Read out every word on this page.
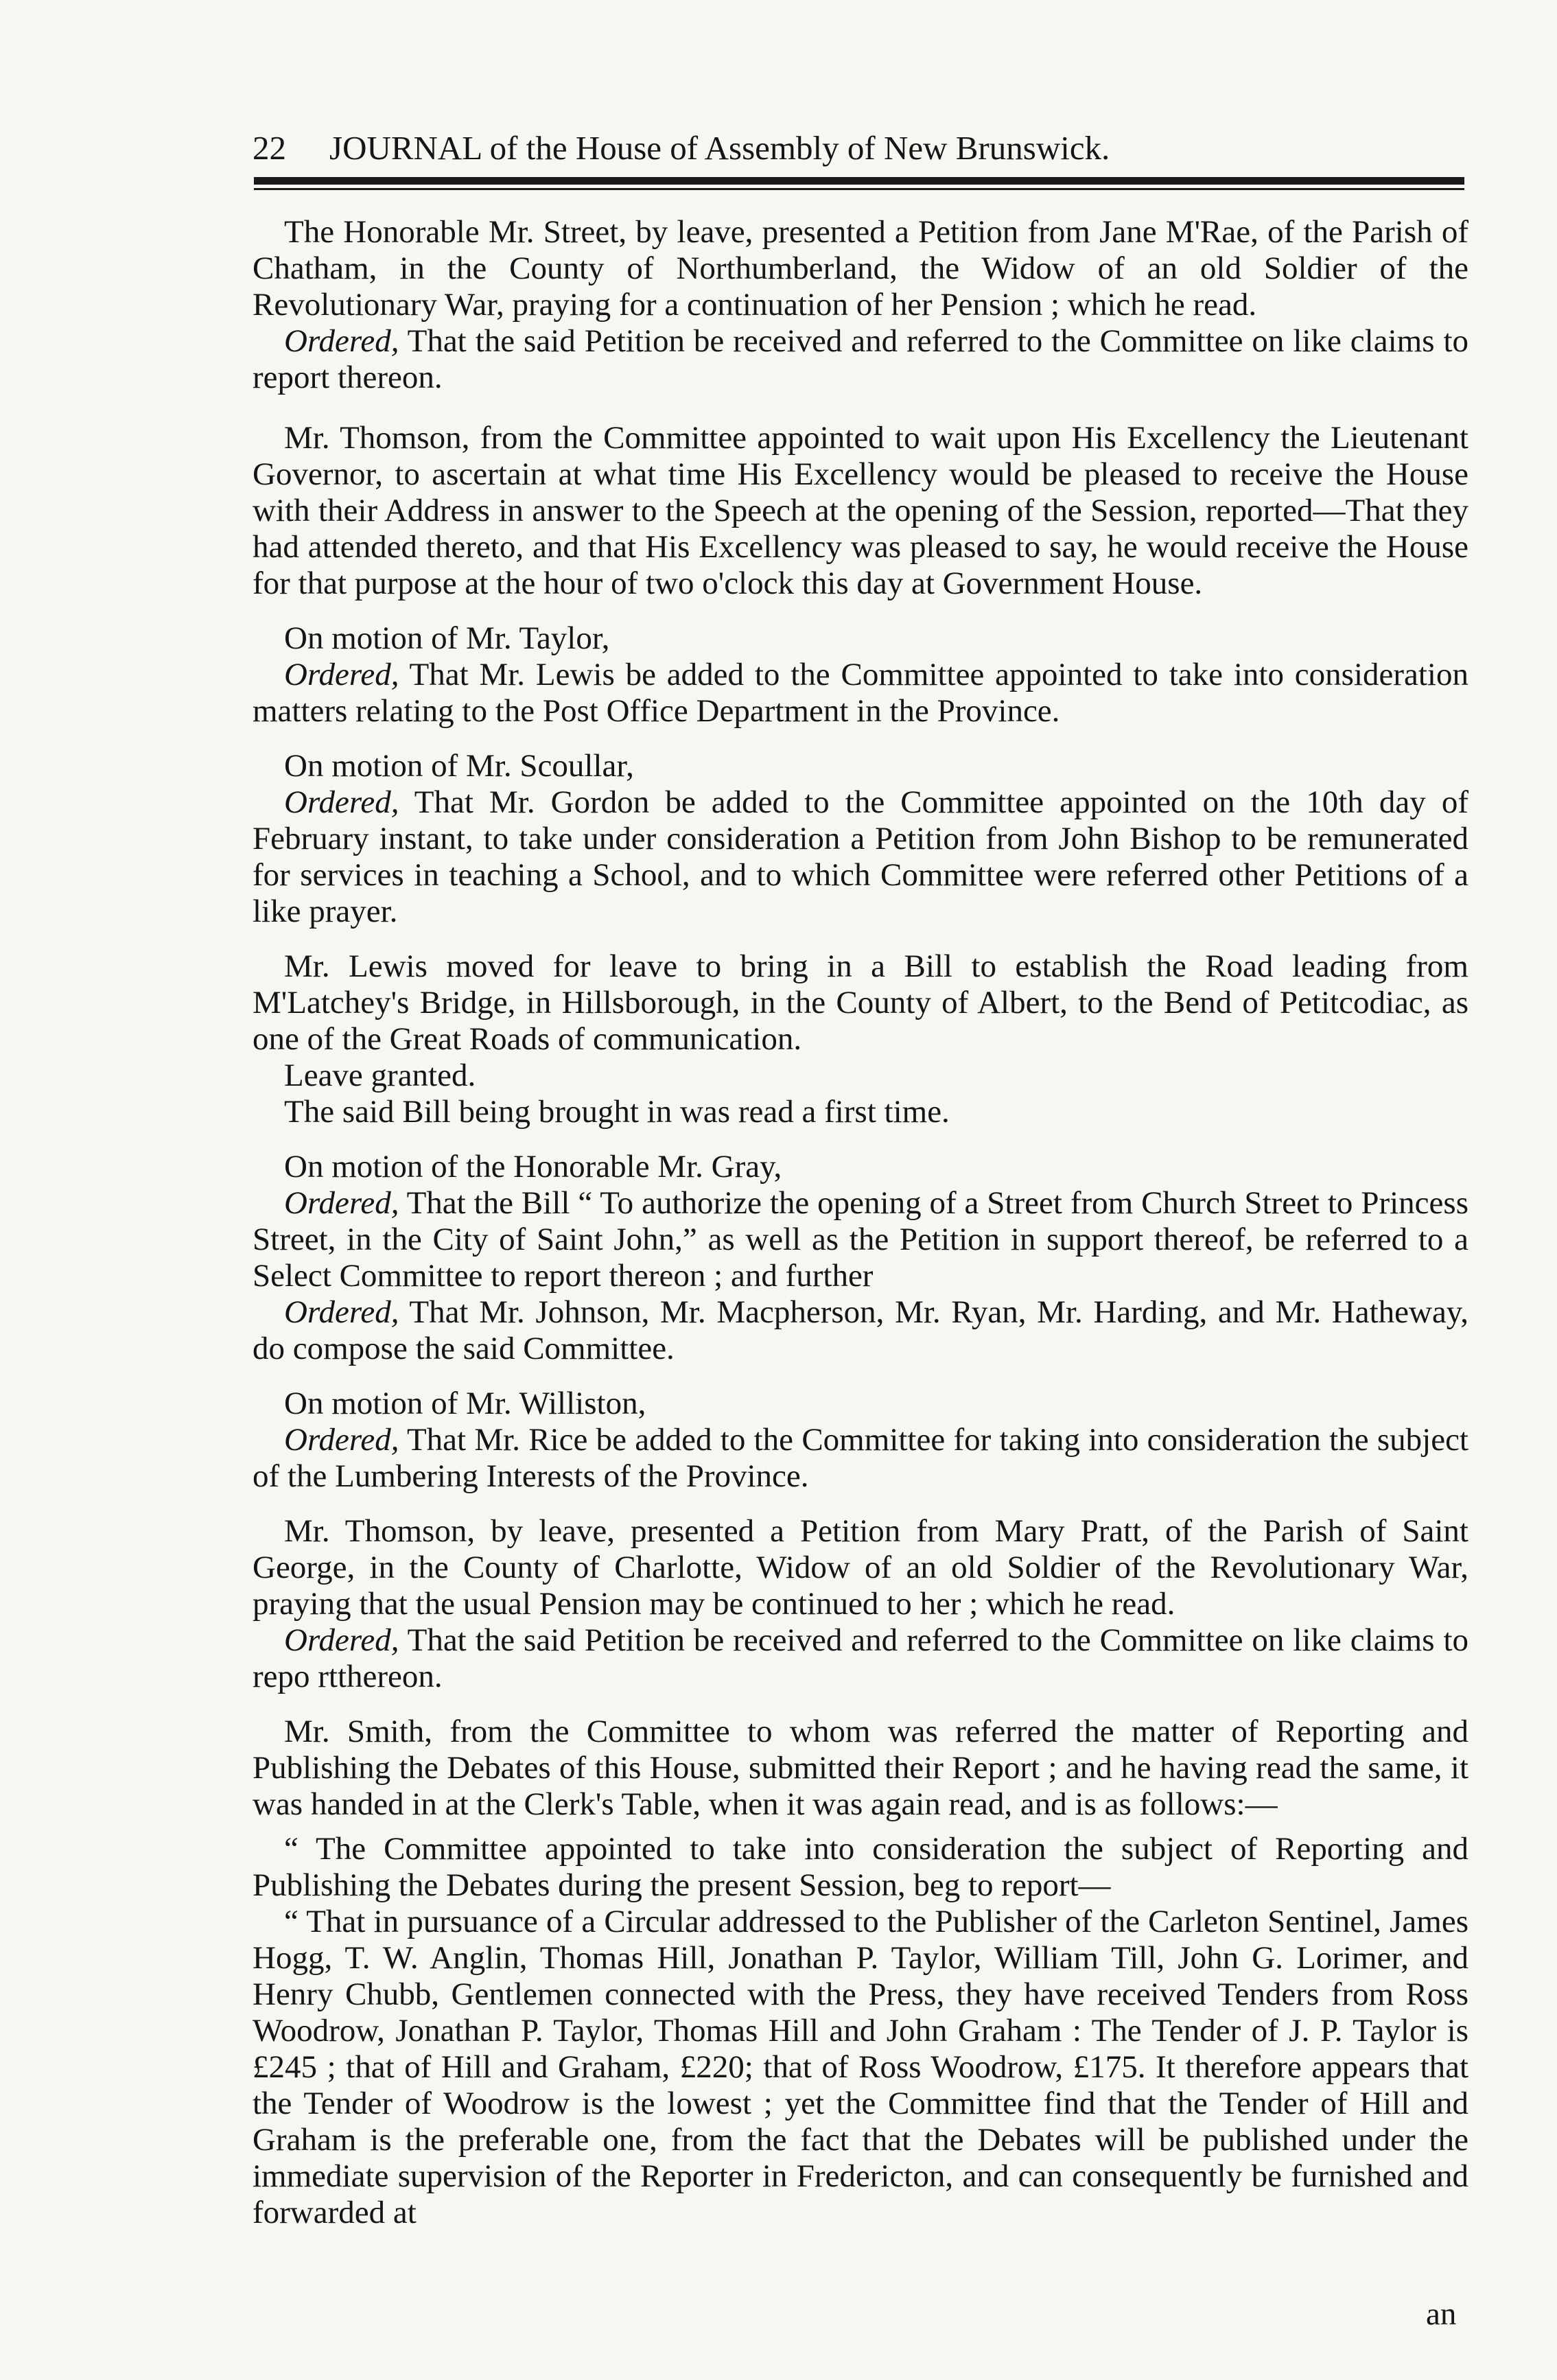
22 JOURNAL of the House of Assembly of New Brunswick.

The Honorable Mr. Street, by leave, presented a Petition from Jane M'Rae, of the Parish of Chatham, in the County of Northumberland, the Widow of an old Soldier of the Revolutionary War, praying for a continuation of her Pension ; which he read.

Ordered, That the said Petition be received and referred to the Committee on like claims to report thereon.

Mr. Thomson, from the Committee appointed to wait upon His Excellency the Lieutenant Governor, to ascertain at what time His Excellency would be pleased to receive the House with their Address in answer to the Speech at the opening of the Session, reported—That they had attended thereto, and that His Excellency was pleased to say, he would receive the House for that purpose at the hour of two o'clock this day at Government House.

On motion of Mr. Taylor,

Ordered, That Mr. Lewis be added to the Committee appointed to take into consideration matters relating to the Post Office Department in the Province.

On motion of Mr. Scoullar,

Ordered, That Mr. Gordon be added to the Committee appointed on the 10th day of February instant, to take under consideration a Petition from John Bishop to be remunerated for services in teaching a School, and to which Committee were referred other Petitions of a like prayer.

Mr. Lewis moved for leave to bring in a Bill to establish the Road leading from M'Latchey's Bridge, in Hillsborough, in the County of Albert, to the Bend of Petitcodiac, as one of the Great Roads of communication.

Leave granted.

The said Bill being brought in was read a first time.

On motion of the Honorable Mr. Gray,

Ordered, That the Bill “ To authorize the opening of a Street from Church Street to Princess Street, in the City of Saint John,” as well as the Petition in support thereof, be referred to a Select Committee to report thereon ; and further

Ordered, That Mr. Johnson, Mr. Macpherson, Mr. Ryan, Mr. Harding, and Mr. Hatheway, do compose the said Committee.

On motion of Mr. Williston,

Ordered, That Mr. Rice be added to the Committee for taking into consideration the subject of the Lumbering Interests of the Province.

Mr. Thomson, by leave, presented a Petition from Mary Pratt, of the Parish of Saint George, in the County of Charlotte, Widow of an old Soldier of the Revolutionary War, praying that the usual Pension may be continued to her ; which he read.

Ordered, That the said Petition be received and referred to the Committee on like claims to repo rtthereon.

Mr. Smith, from the Committee to whom was referred the matter of Reporting and Publishing the Debates of this House, submitted their Report ; and he having read the same, it was handed in at the Clerk's Table, when it was again read, and is as follows:—

“ The Committee appointed to take into consideration the subject of Reporting and Publishing the Debates during the present Session, beg to report—

“ That in pursuance of a Circular addressed to the Publisher of the Carleton Sentinel, James Hogg, T. W. Anglin, Thomas Hill, Jonathan P. Taylor, William Till, John G. Lorimer, and Henry Chubb, Gentlemen connected with the Press, they have received Tenders from Ross Woodrow, Jonathan P. Taylor, Thomas Hill and John Graham : The Tender of J. P. Taylor is £245 ; that of Hill and Graham, £220; that of Ross Woodrow, £175. It therefore appears that the Tender of Woodrow is the lowest ; yet the Committee find that the Tender of Hill and Graham is the preferable one, from the fact that the Debates will be published under the immediate supervision of the Reporter in Fredericton, and can consequently be furnished and forwarded at

an
